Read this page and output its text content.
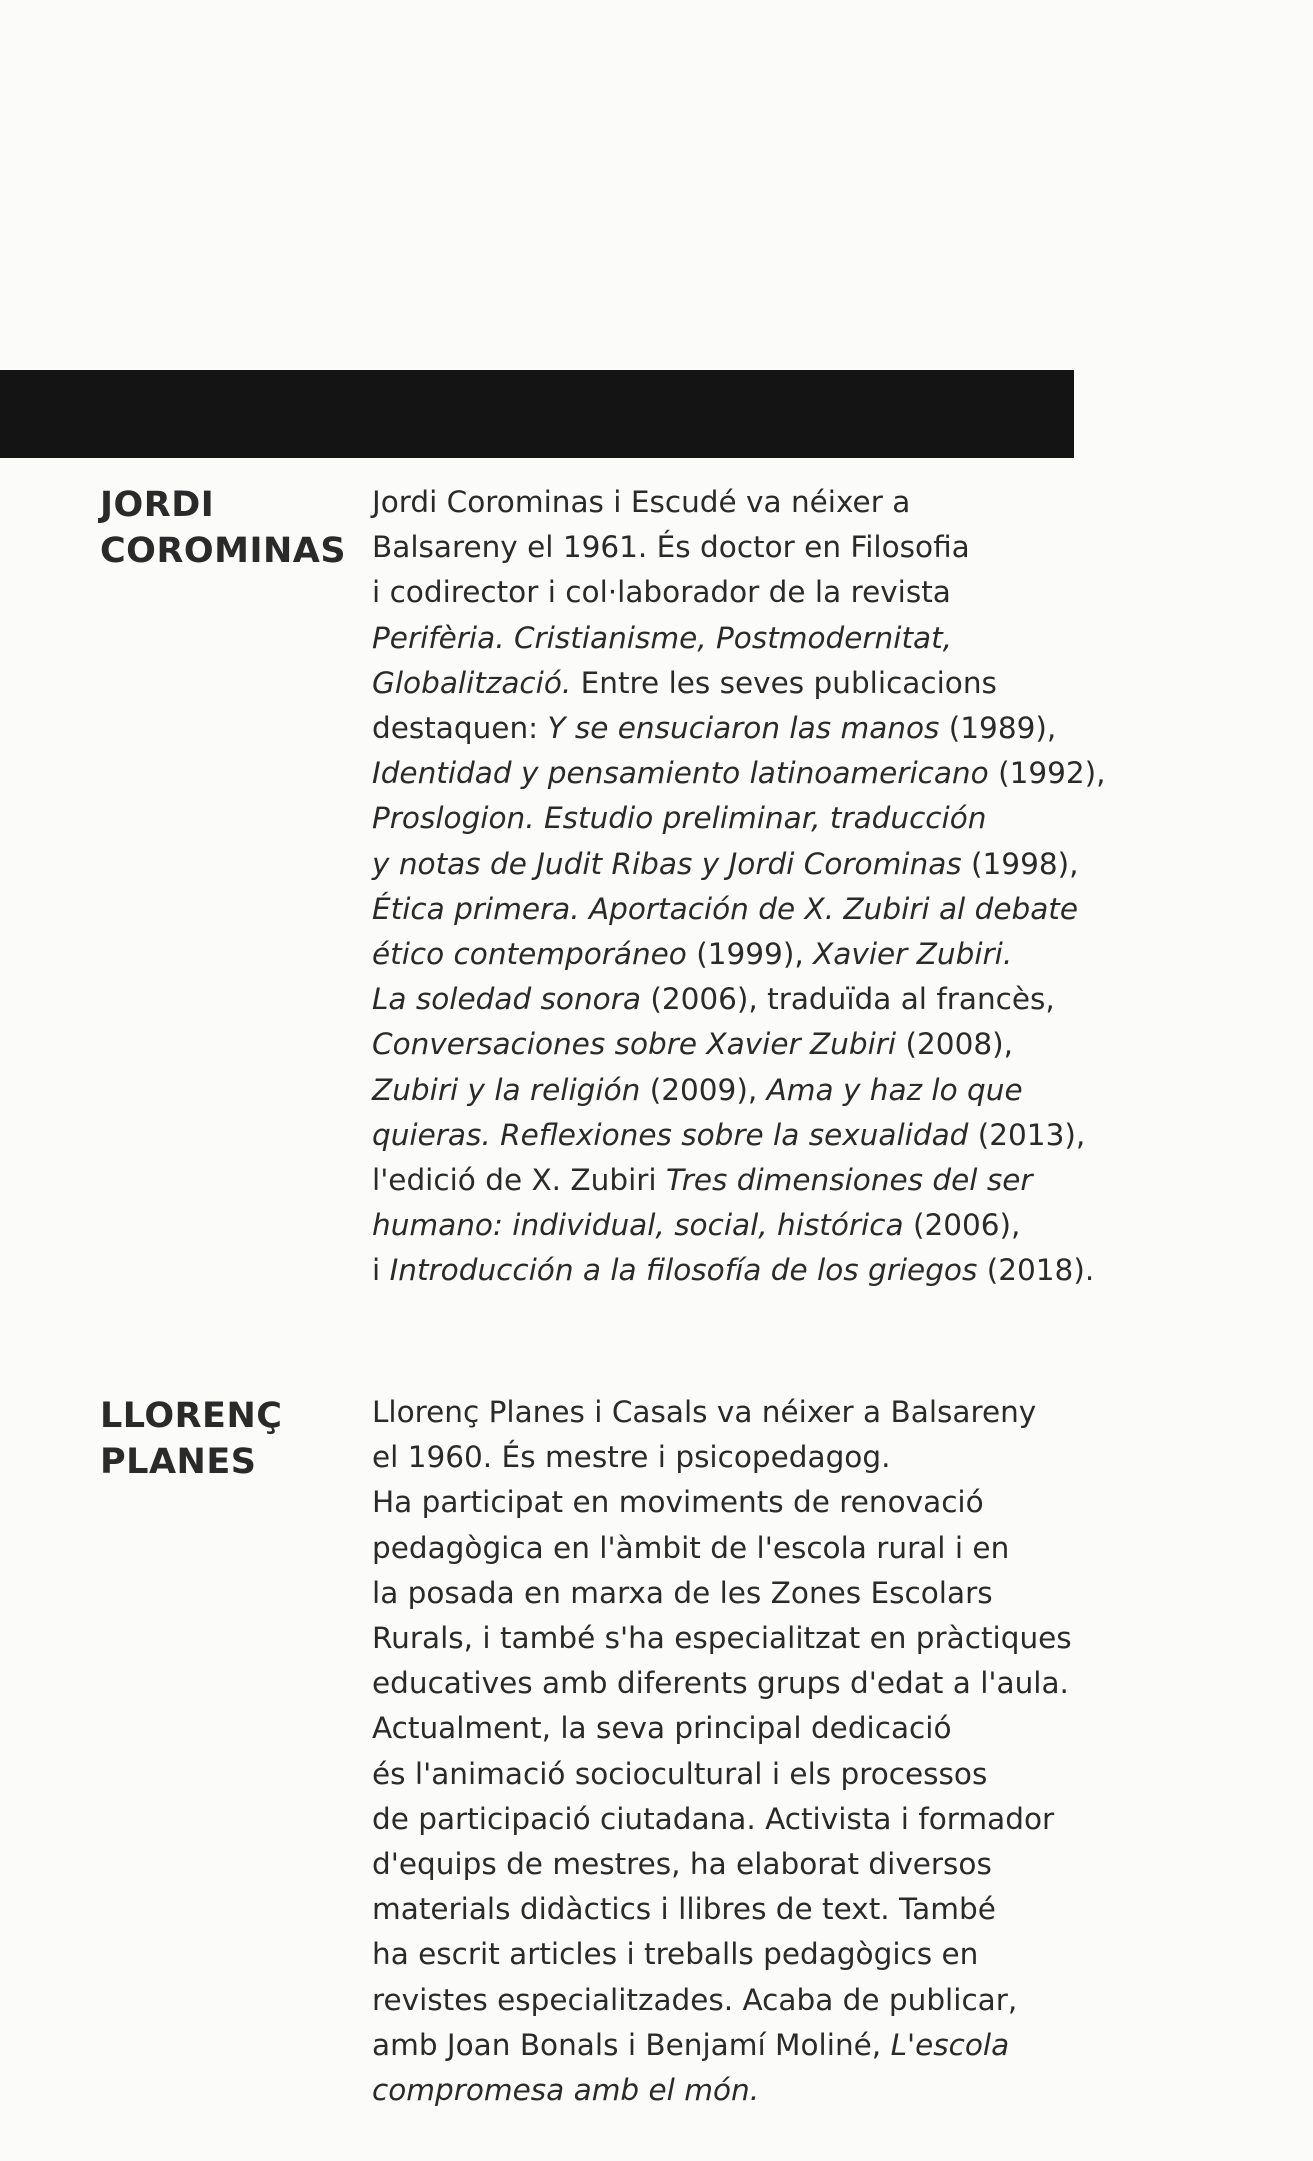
JORDI
COROMINAS

Jordi Corominas i Escudé va néixer a
Balsareny el 1961. És doctor en Filosofia
i codirector i col·laborador de la revista
Perifèria. Cristianisme, Postmodernitat,
Globalització. Entre les seves publicacions
destaquen: Y se ensuciaron las manos (1989),
Identidad y pensamiento latinoamericano (1992),
Proslogion. Estudio preliminar, traducción
y notas de Judit Ribas y Jordi Corominas (1998),
Ética primera. Aportación de X. Zubiri al debate
ético contemporáneo (1999), Xavier Zubiri.
La soledad sonora (2006), traduïda al francès,
Conversaciones sobre Xavier Zubiri (2008),
Zubiri y la religión (2009), Ama y haz lo que
quieras. Reflexiones sobre la sexualidad (2013),
l'edició de X. Zubiri Tres dimensiones del ser
humano: individual, social, histórica (2006),
i Introducción a la filosofía de los griegos (2018).

LLORENÇ
PLANES

Llorenç Planes i Casals va néixer a Balsareny
el 1960. És mestre i psicopedagog.
Ha participat en moviments de renovació
pedagògica en l'àmbit de l'escola rural i en
la posada en marxa de les Zones Escolars
Rurals, i també s'ha especialitzat en pràctiques
educatives amb diferents grups d'edat a l'aula.
Actualment, la seva principal dedicació
és l'animació sociocultural i els processos
de participació ciutadana. Activista i formador
d'equips de mestres, ha elaborat diversos
materials didàctics i llibres de text. També
ha escrit articles i treballs pedagògics en
revistes especialitzades. Acaba de publicar,
amb Joan Bonals i Benjamí Moliné, L'escola
compromesa amb el món.
